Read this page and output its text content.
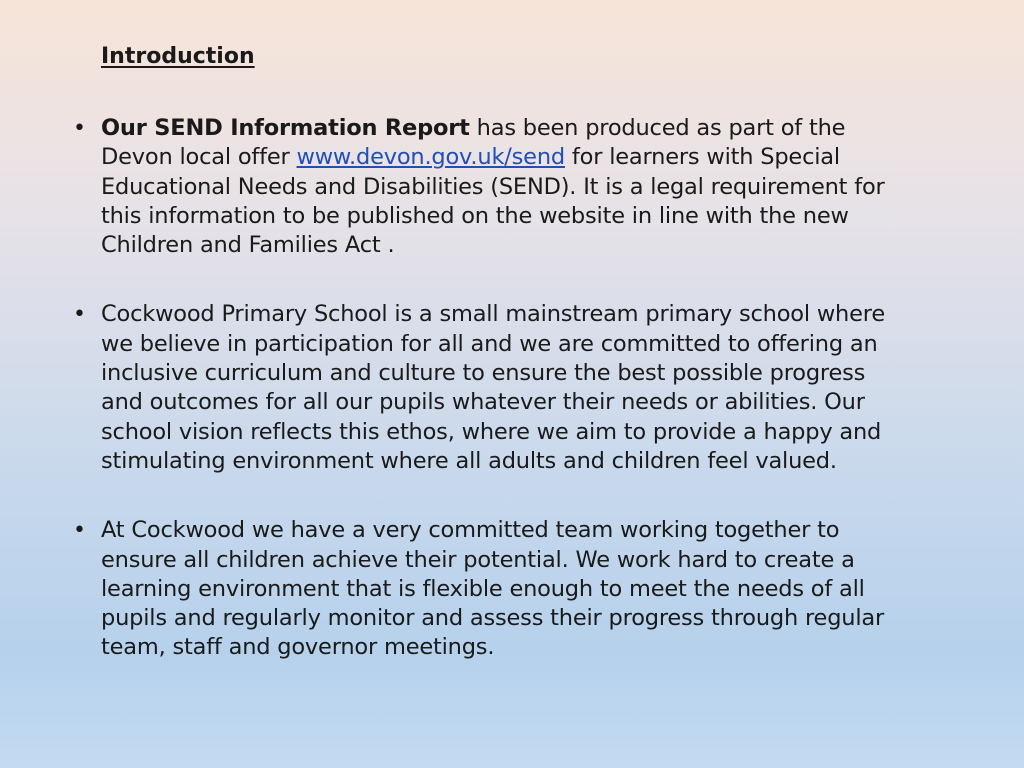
Introduction
• Our SEND Information Report has been produced as part of the Devon local offer www.devon.gov.uk/send for learners with Special Educational Needs and Disabilities (SEND). It is a legal requirement for this information to be published on the website in line with the new Children and Families Act .
• Cockwood Primary School is a small mainstream primary school where we believe in participation for all and we are committed to offering an inclusive curriculum and culture to ensure the best possible progress and outcomes for all our pupils whatever their needs or abilities. Our school vision reflects this ethos, where we aim to provide a happy and stimulating environment where all adults and children feel valued.
• At Cockwood we have a very committed team working together to ensure all children achieve their potential. We work hard to create a learning environment that is flexible enough to meet the needs of all pupils and regularly monitor and assess their progress through regular team, staff and governor meetings.
